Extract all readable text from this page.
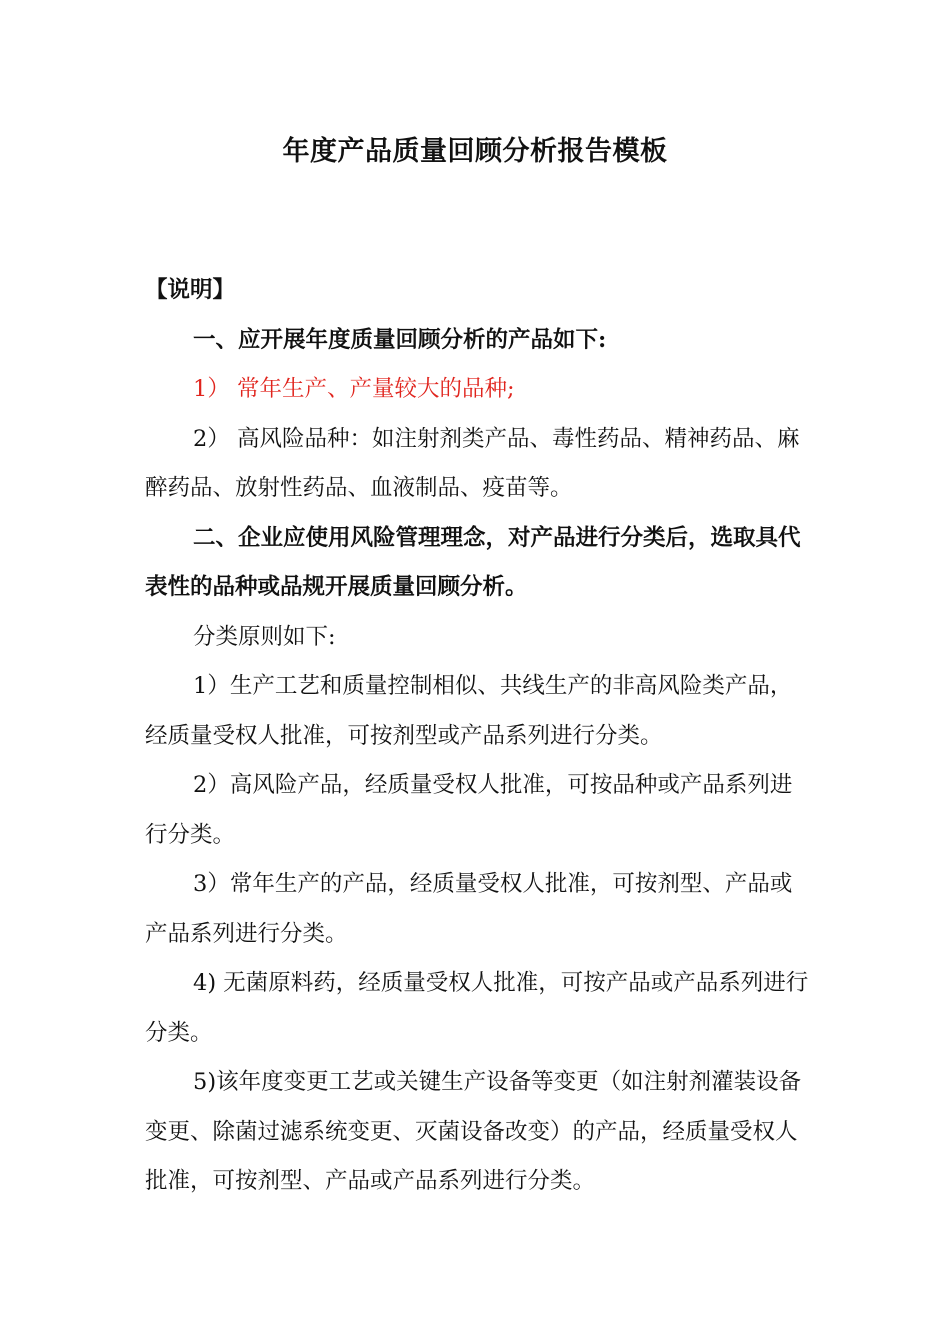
年度产品质量回顾分析报告模板

【说明】

一、应开展年度质量回顾分析的产品如下:

1） 常年生产、产量较大的品种;

2） 高风险品种：如注射剂类产品、毒性药品、精神药品、麻醉药品、放射性药品、血液制品、疫苗等。

二、企业应使用风险管理理念，对产品进行分类后，选取具代表性的品种或品规开展质量回顾分析。

分类原则如下:

1）生产工艺和质量控制相似、共线生产的非高风险类产品，经质量受权人批准，可按剂型或产品系列进行分类。

2）高风险产品，经质量受权人批准，可按品种或产品系列进行分类。

3）常年生产的产品，经质量受权人批准，可按剂型、产品或产品系列进行分类。

4) 无菌原料药，经质量受权人批准，可按产品或产品系列进行分类。

5)该年度变更工艺或关键生产设备等变更（如注射剂灌装设备变更、除菌过滤系统变更、灭菌设备改变）的产品，经质量受权人批准，可按剂型、产品或产品系列进行分类。
